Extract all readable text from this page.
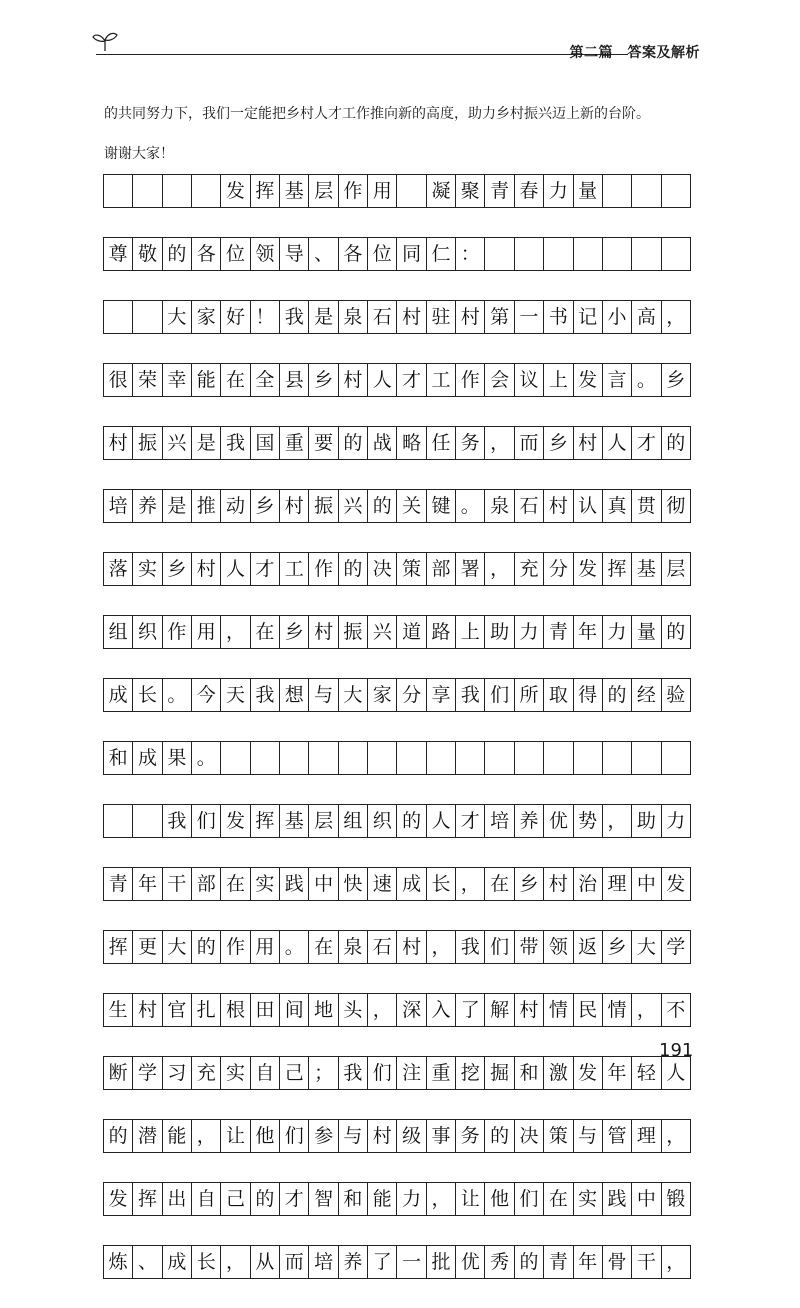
第二篇　答案及解析
的共同努力下，我们一定能把乡村人才工作推向新的高度，助力乡村振兴迈上新的台阶。
谢谢大家！
发 挥 基 层 作 用 凝 聚 青 春 力 量
尊 敬 的 各 位 领 导 、 各 位 同 仁 ：
大 家 好 ！ 我 是 泉 石 村 驻 村 第 一 书 记 小 高 ，
很 荣 幸 能 在 全 县 乡 村 人 才 工 作 会 议 上 发 言 。 乡
村 振 兴 是 我 国 重 要 的 战 略 任 务 ， 而 乡 村 人 才 的
培 养 是 推 动 乡 村 振 兴 的 关 键 。 泉 石 村 认 真 贯 彻
落 实 乡 村 人 才 工 作 的 决 策 部 署 ， 充 分 发 挥 基 层
组 织 作 用 ， 在 乡 村 振 兴 道 路 上 助 力 青 年 力 量 的
成 长 。 今 天 我 想 与 大 家 分 享 我 们 所 取 得 的 经 验
和 成 果 。
我 们 发 挥 基 层 组 织 的 人 才 培 养 优 势 ， 助 力
青 年 干 部 在 实 践 中 快 速 成 长 ， 在 乡 村 治 理 中 发
挥 更 大 的 作 用 。 在 泉 石 村 ， 我 们 带 领 返 乡 大 学
生 村 官 扎 根 田 间 地 头 ， 深 入 了 解 村 情 民 情 ， 不
断 学 习 充 实 自 己 ； 我 们 注 重 挖 掘 和 激 发 年 轻 人
的 潜 能 ， 让 他 们 参 与 村 级 事 务 的 决 策 与 管 理 ，
发 挥 出 自 己 的 才 智 和 能 力 ， 让 他 们 在 实 践 中 锻
炼 、 成 长 ， 从 而 培 养 了 一 批 优 秀 的 青 年 骨 干 ，
191
